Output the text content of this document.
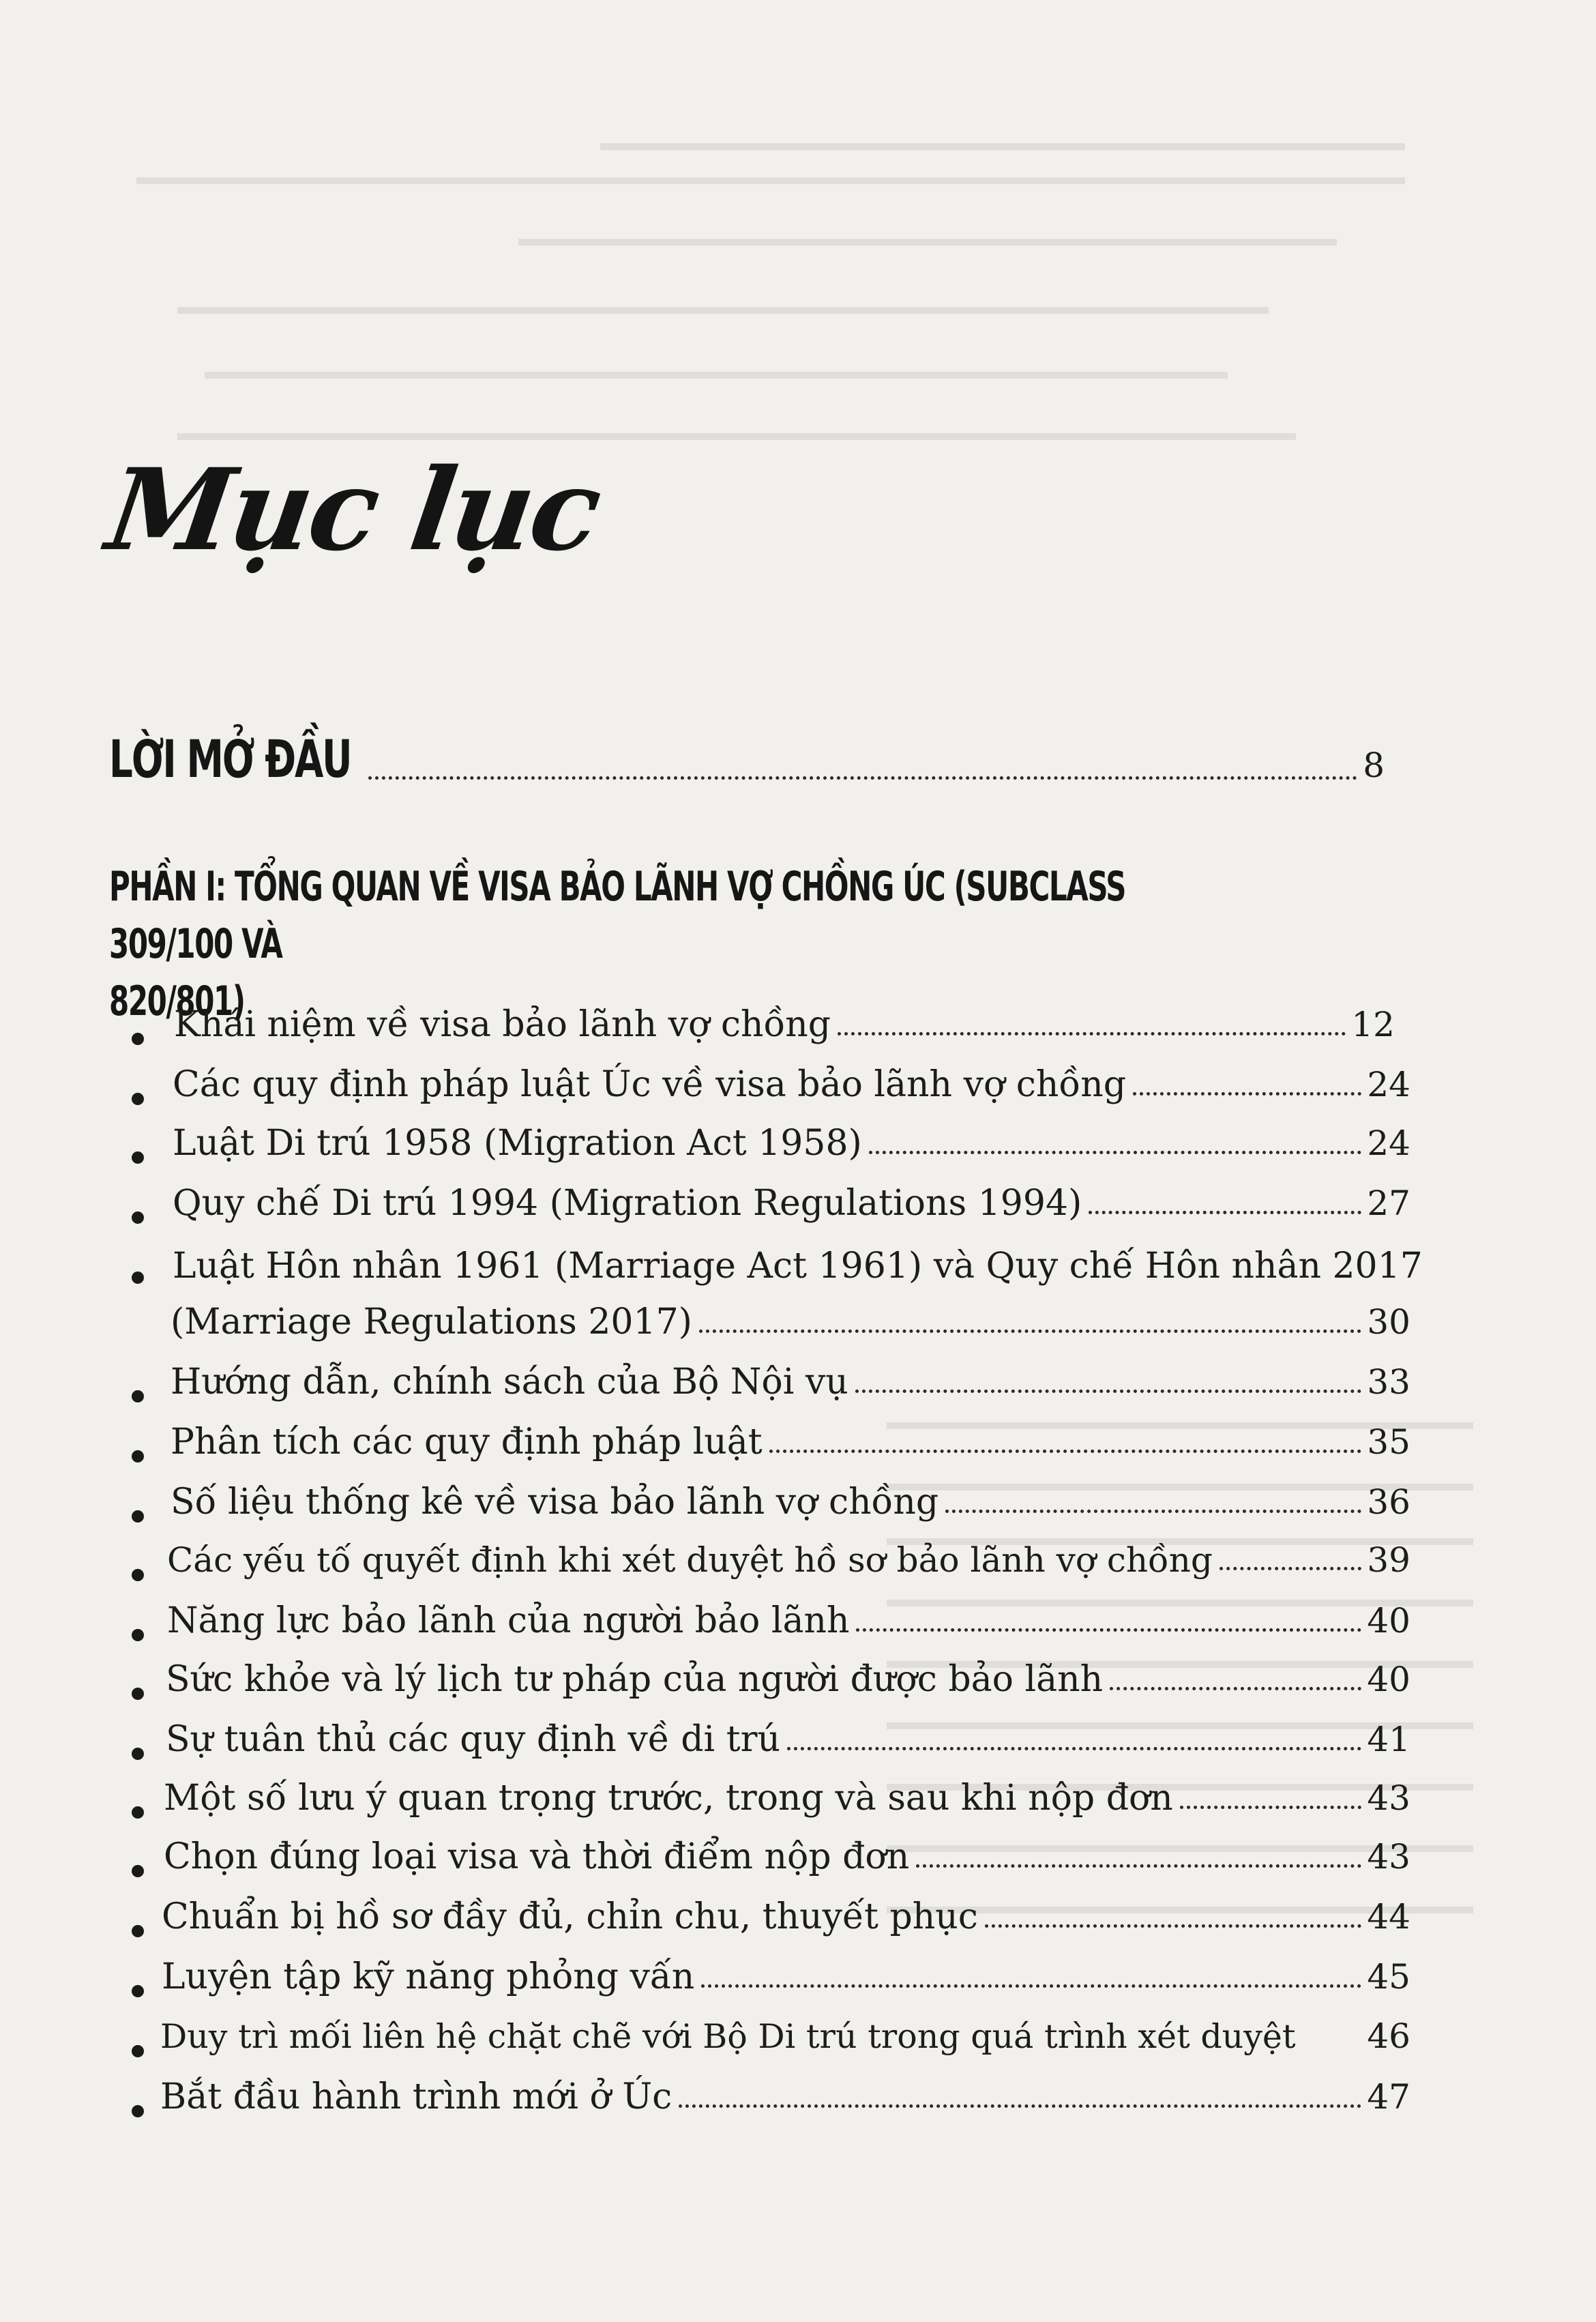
Mục lục
LỜI MỞ ĐẦU	8
PHẦN I: TỔNG QUAN VỀ VISA BẢO LÃNH VỢ CHỒNG ÚC (SUBCLASS 309/100 VÀ
820/801)
Khái niệm về visa bảo lãnh vợ chồng	12
Các quy định pháp luật Úc về visa bảo lãnh vợ chồng	24
Luật Di trú 1958 (Migration Act 1958)	24
Quy chế Di trú 1994 (Migration Regulations 1994)	27
Luật Hôn nhân 1961 (Marriage Act 1961) và Quy chế Hôn nhân 2017
(Marriage Regulations 2017)	30
Hướng dẫn, chính sách của Bộ Nội vụ	33
Phân tích các quy định pháp luật	35
Số liệu thống kê về visa bảo lãnh vợ chồng	36
Các yếu tố quyết định khi xét duyệt hồ sơ bảo lãnh vợ chồng	39
Năng lực bảo lãnh của người bảo lãnh	40
Sức khỏe và lý lịch tư pháp của người được bảo lãnh	40
Sự tuân thủ các quy định về di trú	41
Một số lưu ý quan trọng trước, trong và sau khi nộp đơn	43
Chọn đúng loại visa và thời điểm nộp đơn	43
Chuẩn bị hồ sơ đầy đủ, chỉn chu, thuyết phục	44
Luyện tập kỹ năng phỏng vấn	45
Duy trì mối liên hệ chặt chẽ với Bộ Di trú trong quá trình xét duyệt 46
Bắt đầu hành trình mới ở Úc	47
